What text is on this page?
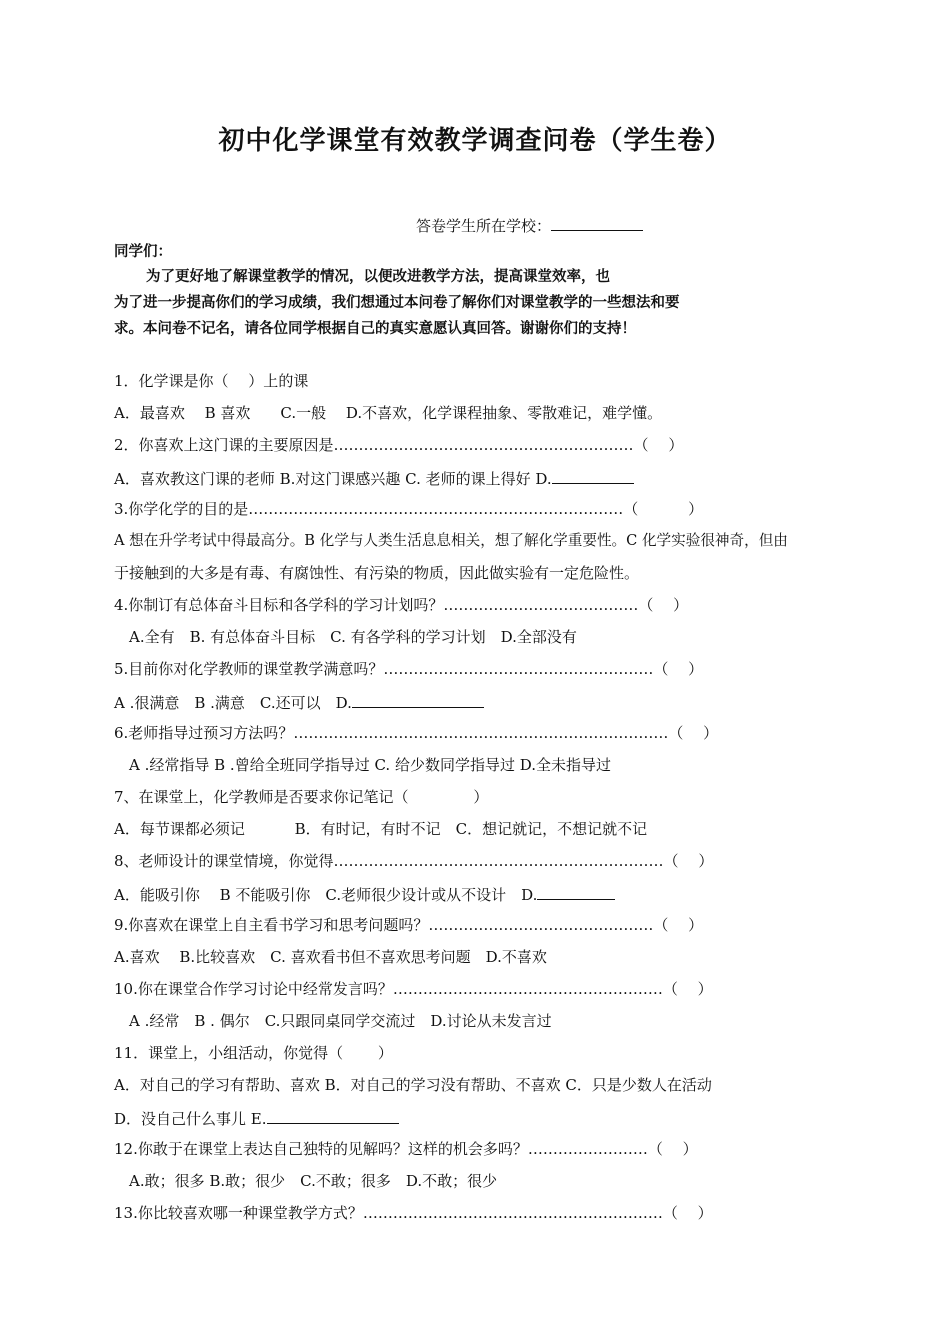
初中化学课堂有效教学调查问卷（学生卷）
答卷学生所在学校：
同学们：
为了更好地了解课堂教学的情况，以便改进教学方法，提高课堂效率，也
为了进一步提高你们的学习成绩，我们想通过本问卷了解你们对课堂教学的一些想法和要
求。本问卷不记名，请各位同学根据自己的真实意愿认真回答。谢谢你们的支持！
1．化学课是你（　 ）上的课
A．最喜欢　 B 喜欢　　C.一般　 D.不喜欢，化学课程抽象、零散难记，难学懂。
2．你喜欢上这门课的主要原因是……………………………………………………（　 ）
A．喜欢教这门课的老师 B.对这门课感兴趣 C. 老师的课上得好 D.
3.你学化学的目的是…………………………………………………………………（　　　 ）
A 想在升学考试中得最高分。B 化学与人类生活息息相关，想了解化学重要性。C 化学实验很神奇，但由
于接触到的大多是有毒、有腐蚀性、有污染的物质，因此做实验有一定危险性。
4.你制订有总体奋斗目标和各学科的学习计划吗？…………………………………（　 ）
　A.全有　B. 有总体奋斗目标　C. 有各学科的学习计划　D.全部没有
5.目前你对化学教师的课堂教学满意吗？………………………………………………（　 ）
A .很满意　B .满意　C.还可以　D.
6.老师指导过预习方法吗？…………………………………………………………………（　 ）
　A .经常指导 B .曾给全班同学指导过 C. 给少数同学指导过 D.全未指导过
7、在课堂上，化学教师是否要求你记笔记（　　　　 ）
A．每节课都必须记　　　 B．有时记，有时不记　C．想记就记，不想记就不记
8、老师设计的课堂情境，你觉得…………………………………………………………（　 ）
A．能吸引你　 B 不能吸引你　C.老师很少设计或从不设计　D.
9.你喜欢在课堂上自主看书学习和思考问题吗？………………………………………（　 ）
A.喜欢　 B.比较喜欢　C. 喜欢看书但不喜欢思考问题　D.不喜欢
10.你在课堂合作学习讨论中经常发言吗？………………………………………………（　 ）
　A .经常　B . 偶尔　C.只跟同桌同学交流过　D.讨论从未发言过
11．课堂上，小组活动，你觉得（　　 ）
A．对自己的学习有帮助、喜欢 B．对自己的学习没有帮助、不喜欢 C．只是少数人在活动
D．没自己什么事儿 E.
12.你敢于在课堂上表达自己独特的见解吗？这样的机会多吗？……………………（　 ）
　A.敢；很多 B.敢；很少　C.不敢；很多　D.不敢；很少
13.你比较喜欢哪一种课堂教学方式？……………………………………………………（　 ）
